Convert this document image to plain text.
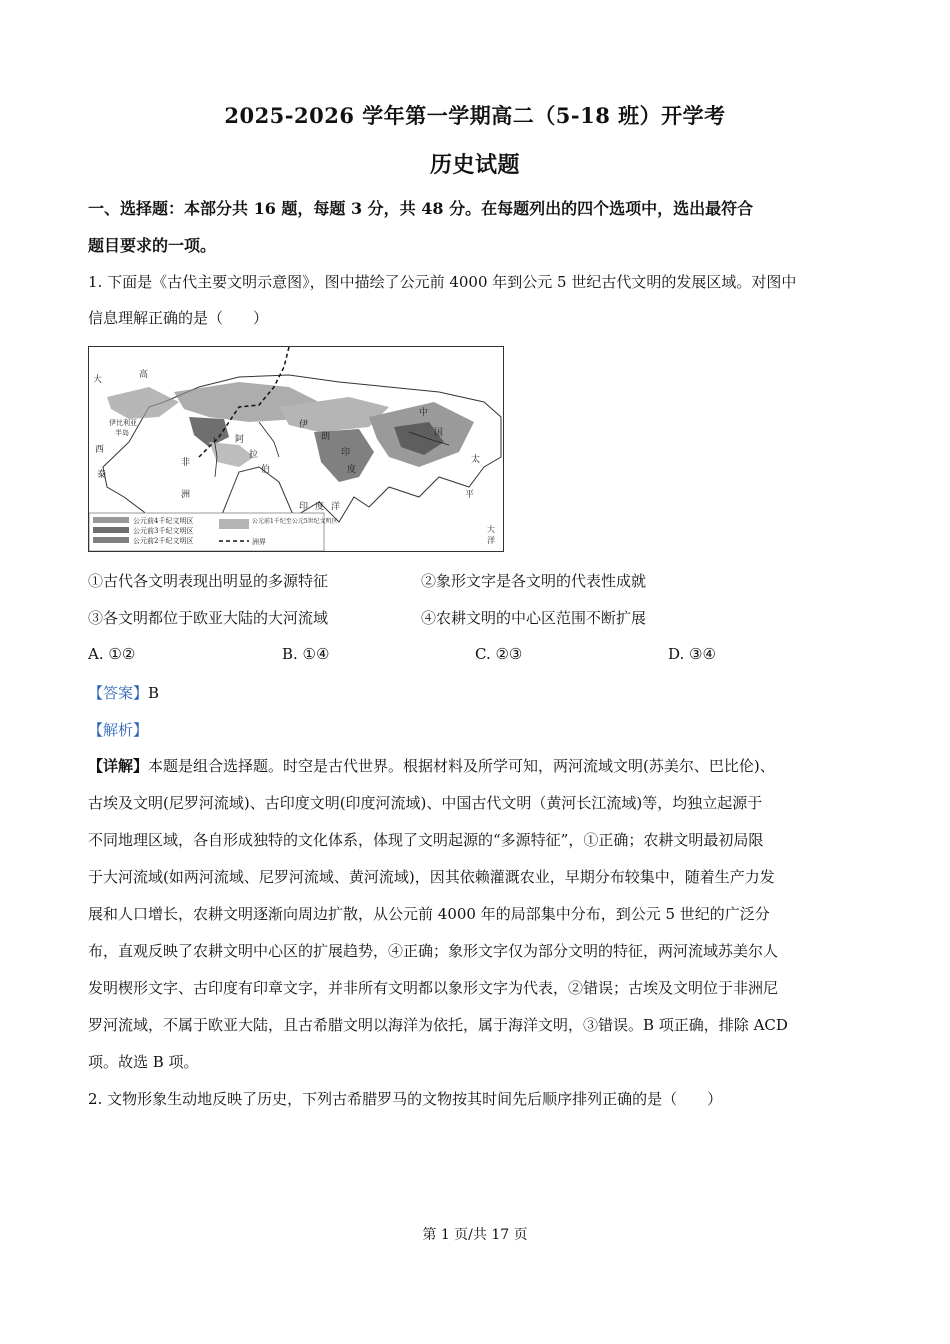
2025-2026 学年第一学期高二（5-18 班）开学考
历史试题
一、选择题：本部分共 16 题，每题 3 分，共 48 分。在每题列出的四个选项中，选出最符合
题目要求的一项。
1. 下面是《古代主要文明示意图》，图中描绘了公元前 4000 年到公元 5 世纪古代文明的发展区域。对图中
信息理解正确的是（　　）
大	高
伊比利亚
半岛
西
泰
伊
朗
中
国
太
平
印
度
阿
拉
伯
非
洲
印 度 洋
大
洋
公元前4千纪文明区
公元前3千纪文明区
公元前2千纪文明区
公元前1千纪至公元5世纪文明区
洲界
①古代各文明表现出明显的多源特征	②象形文字是各文明的代表性成就
③各文明都位于欧亚大陆的大河流域	④农耕文明的中心区范围不断扩展
A. ①②	B. ①④	C. ②③	D. ③④
【答案】B
【解析】
【详解】本题是组合选择题。时空是古代世界。根据材料及所学可知，两河流域文明(苏美尔、巴比伦)、
古埃及文明(尼罗河流域)、古印度文明(印度河流域)、中国古代文明（黄河长江流域)等，均独立起源于
不同地理区域，各自形成独特的文化体系，体现了文明起源的“多源特征”，①正确；农耕文明最初局限
于大河流域(如两河流域、尼罗河流域、黄河流域)，因其依赖灌溉农业，早期分布较集中，随着生产力发
展和人口增长，农耕文明逐渐向周边扩散，从公元前 4000 年的局部集中分布，到公元 5 世纪的广泛分
布，直观反映了农耕文明中心区的扩展趋势，④正确；象形文字仅为部分文明的特征，两河流域苏美尔人
发明楔形文字、古印度有印章文字，并非所有文明都以象形文字为代表，②错误；古埃及文明位于非洲尼
罗河流域，不属于欧亚大陆，且古希腊文明以海洋为依托，属于海洋文明，③错误。B 项正确，排除 ACD
项。故选 B 项。
2. 文物形象生动地反映了历史，下列古希腊罗马的文物按其时间先后顺序排列正确的是（　　）
第 1 页/共 17 页
